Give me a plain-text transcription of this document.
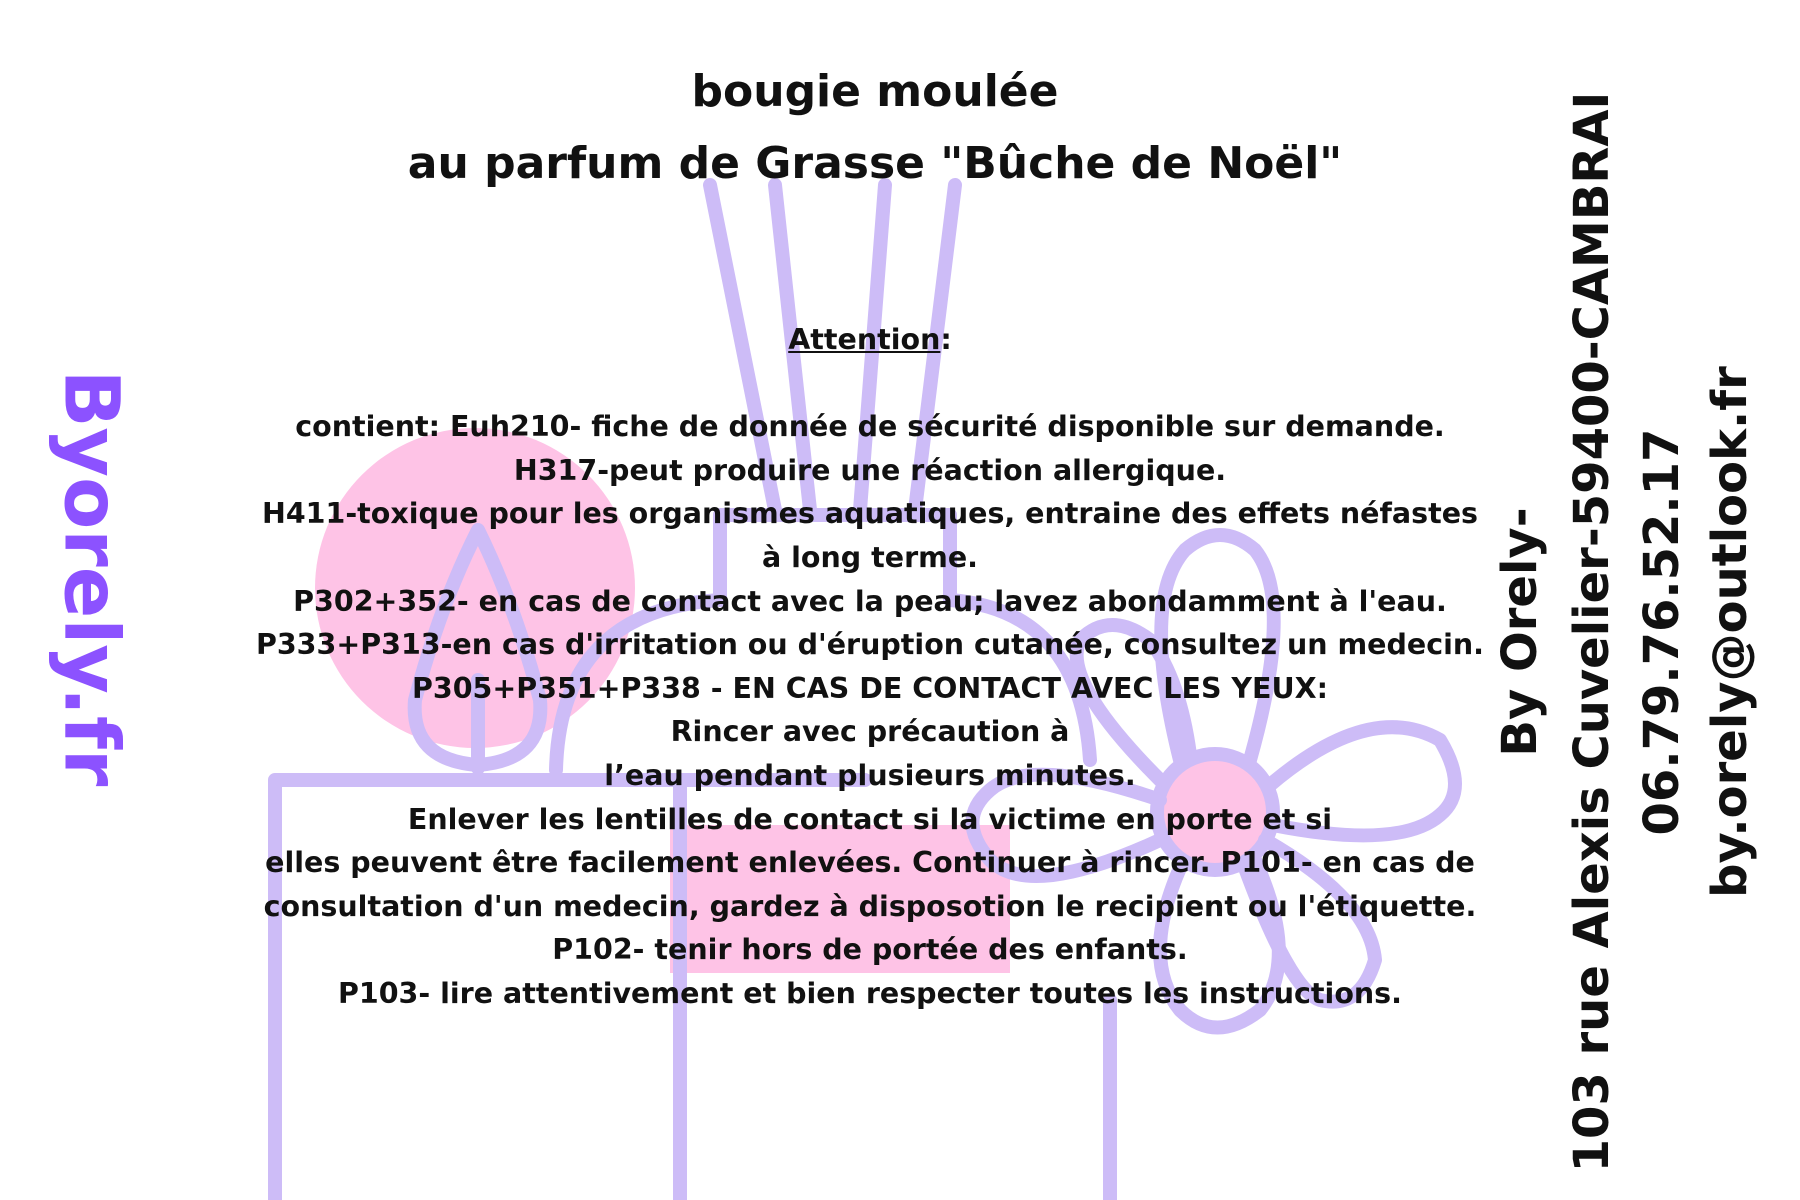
bougie moulée
au parfum de Grasse "Bûche de Noël"
Attention:
contient: Euh210- fiche de donnée de sécurité disponible sur demande.
H317-peut produire une réaction allergique.
H411-toxique pour les organismes aquatiques, entraine des effets néfastes
à long terme.
P302+352- en cas de contact avec la peau; lavez abondamment à l'eau.
P333+P313-en cas d'irritation ou d'éruption cutanée, consultez un medecin.
P305+P351+P338 - EN CAS DE CONTACT AVEC LES YEUX:
Rincer avec précaution à
l’eau pendant plusieurs minutes.
Enlever les lentilles de contact si la victime en porte et si
elles peuvent être facilement enlevées. Continuer à rincer. P101- en cas de
consultation d'un medecin, gardez à disposotion le recipient ou l'étiquette.
P102- tenir hors de portée des enfants.
P103- lire attentivement et bien respecter toutes les instructions.
Byorely.fr	By Orely- 103 rue Alexis Cuvelier-59400-CAMBRAI 06.79.76.52.17 by.orely@outlook.fr
